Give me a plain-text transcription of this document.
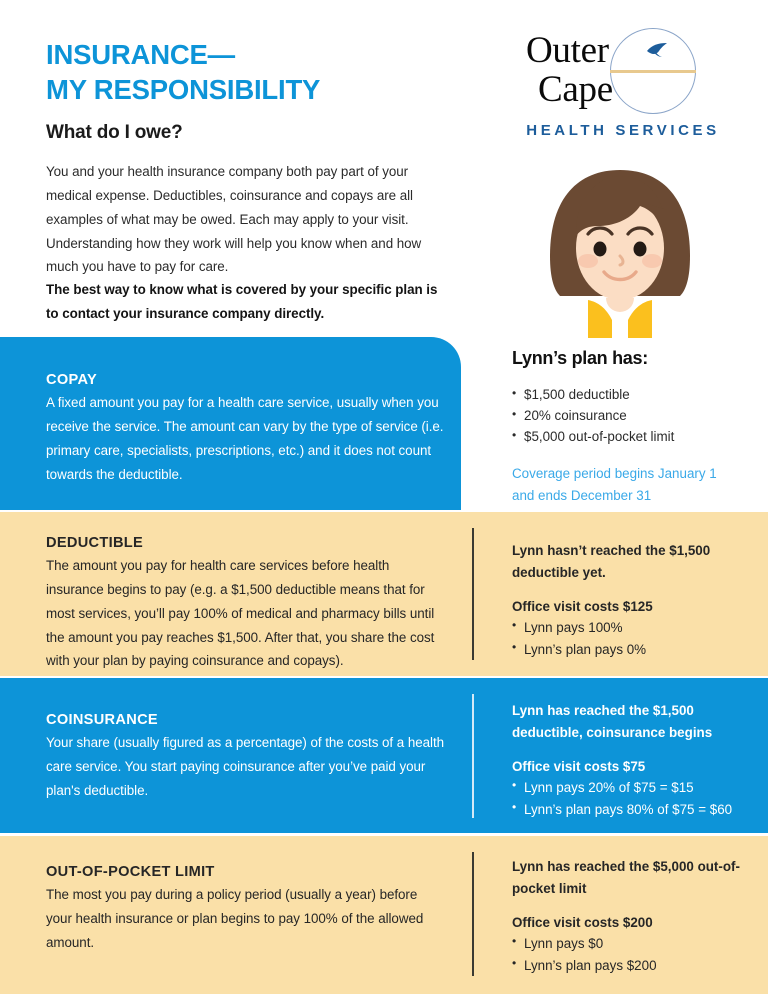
INSURANCE—
MY RESPONSIBILITY
What do I owe?

You and your health insurance company both pay part of your medical expense. Deductibles, coinsurance and copays are all examples of what may be owed. Each may apply to your visit. Understanding how they work will help you know when and how much you have to pay for care.

The best way to know what is covered by your specific plan is to contact your insurance company directly.

Outer
Cape
HEALTH SERVICES
Lynn’s plan has:
• $1,500 deductible
• 20% coinsurance
• $5,000 out-of-pocket limit
Coverage period begins January 1 and ends December 31
COPAY
A fixed amount you pay for a health care service, usually when you receive the service. The amount can vary by the type of service (i.e. primary care, specialists, prescriptions, etc.) and it does not count towards the deductible.
DEDUCTIBLE
The amount you pay for health care services before health insurance begins to pay (e.g. a $1,500 deductible means that for most services, you’ll pay 100% of medical and pharmacy bills until the amount you pay reaches $1,500. After that, you share the cost with your plan by paying coinsurance and copays).
Lynn hasn’t reached the $1,500 deductible yet.
Office visit costs $125
• Lynn pays 100%
• Lynn’s plan pays 0%
COINSURANCE
Your share (usually figured as a percentage) of the costs of a health care service. You start paying coinsurance after you’ve paid your plan's deductible.
Lynn has reached the $1,500 deductible, coinsurance begins
Office visit costs $75
• Lynn pays 20% of $75 = $15
• Lynn’s plan pays 80% of $75 = $60
OUT-OF-POCKET LIMIT
The most you pay during a policy period (usually a year) before your health insurance or plan begins to pay 100% of the allowed amount.
Lynn has reached the $5,000 out-of-pocket limit
Office visit costs $200
• Lynn pays $0
• Lynn’s plan pays $200
